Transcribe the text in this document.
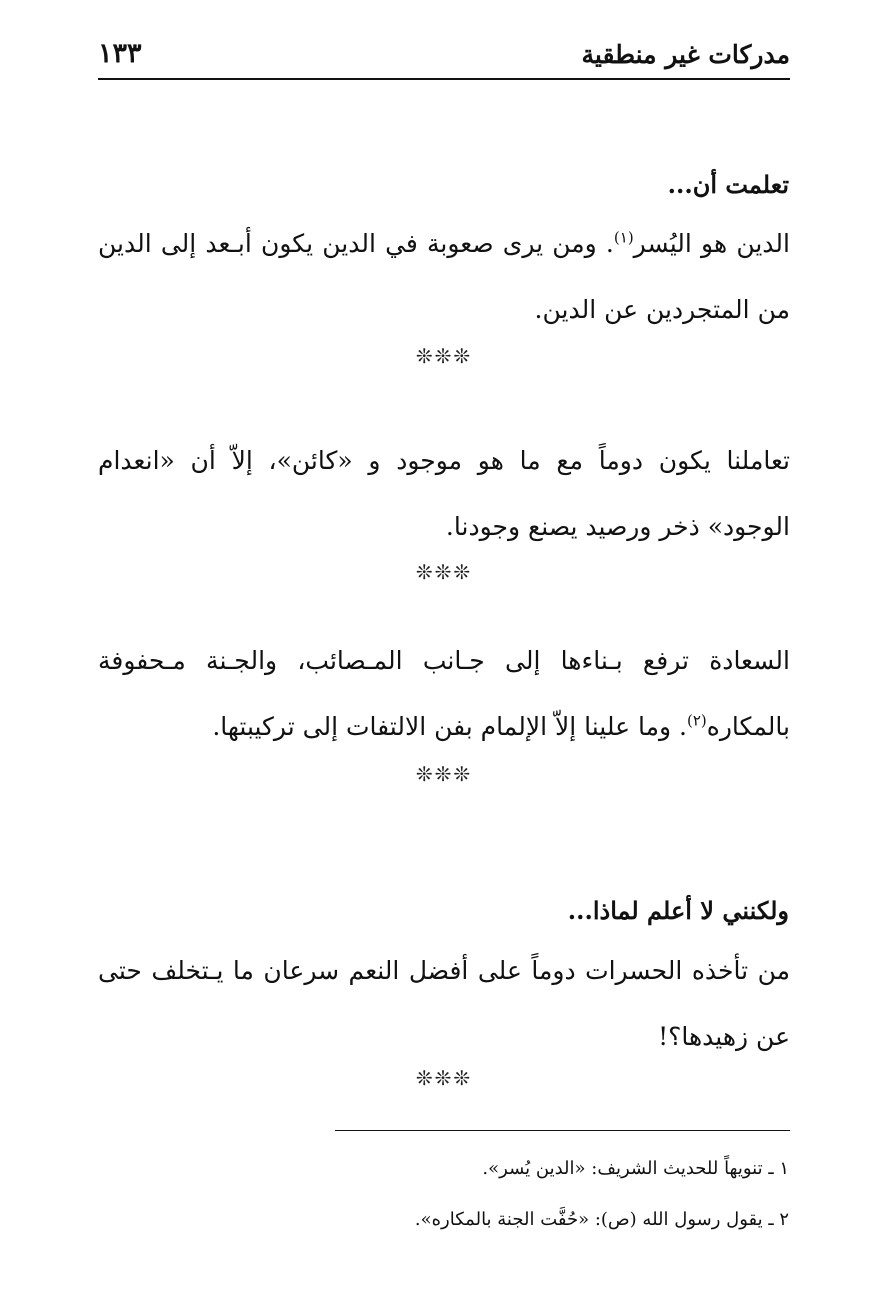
مدركات غير منطقية
١٣٣
تعلمت أن...
الدين هو اليُسر$^{(١)}$. ومن يرى صعوبة في الدين يكون أبـعد إلى الدين من المتجردين عن الدين.
❊❊❊
تعاملنا يكون دوماً مع ما هو موجود و «كائن»، إلاّ أن «انعدام الوجود» ذخر ورصيد يصنع وجودنا.
❊❊❊
السعادة ترفع بـناءها إلى جـانب المـصائب، والجـنة مـحفوفة بالمكاره$^{(٢)}$. وما علينا إلاّ الإلمام بفن الالتفات إلى تركيبتها.
❊❊❊
ولكنني لا أعلم لماذا...
من تأخذه الحسرات دوماً على أفضل النعم سرعان ما يـتخلف حتى عن زهيدها؟!
❊❊❊
١ ـ تنويهاً للحديث الشريف: «الدين يُسر».
٢ ـ يقول رسول الله (ص): «حُفَّت الجنة بالمكاره».
